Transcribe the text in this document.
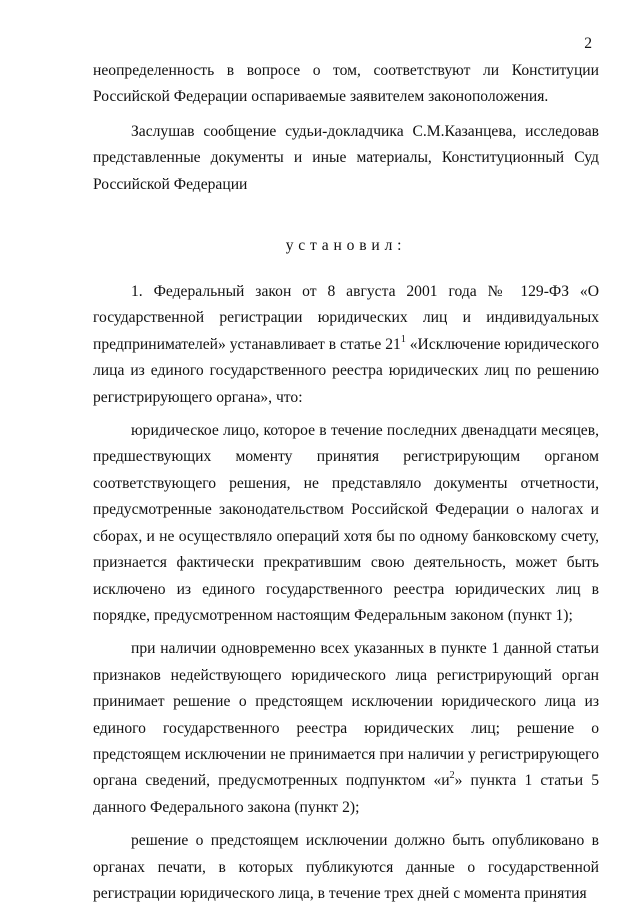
2

неопределенность в вопросе о том, соответствуют ли Конституции Российской Федерации оспариваемые заявителем законоположения.

Заслушав сообщение судьи-докладчика С.М.Казанцева, исследовав представленные документы и иные материалы, Конституционный Суд Российской Федерации

установил:

1. Федеральный закон от 8 августа 2001 года № 129-ФЗ «О государственной регистрации юридических лиц и индивидуальных предпринимателей» устанавливает в статье $21^1$ «Исключение юридического лица из единого государственного реестра юридических лиц по решению регистрирующего органа», что:

юридическое лицо, которое в течение последних двенадцати месяцев, предшествующих моменту принятия регистрирующим органом соответствующего решения, не представляло документы отчетности, предусмотренные законодательством Российской Федерации о налогах и сборах, и не осуществляло операций хотя бы по одному банковскому счету, признается фактически прекратившим свою деятельность, может быть исключено из единого государственного реестра юридических лиц в порядке, предусмотренном настоящим Федеральным законом (пункт 1);

при наличии одновременно всех указанных в пункте 1 данной статьи признаков недействующего юридического лица регистрирующий орган принимает решение о предстоящем исключении юридического лица из единого государственного реестра юридических лиц; решение о предстоящем исключении не принимается при наличии у регистрирующего органа сведений, предусмотренных подпунктом «$и^2$» пункта 1 статьи 5 данного Федерального закона (пункт 2);

решение о предстоящем исключении должно быть опубликовано в органах печати, в которых публикуются данные о государственной регистрации юридического лица, в течение трех дней с момента принятия
